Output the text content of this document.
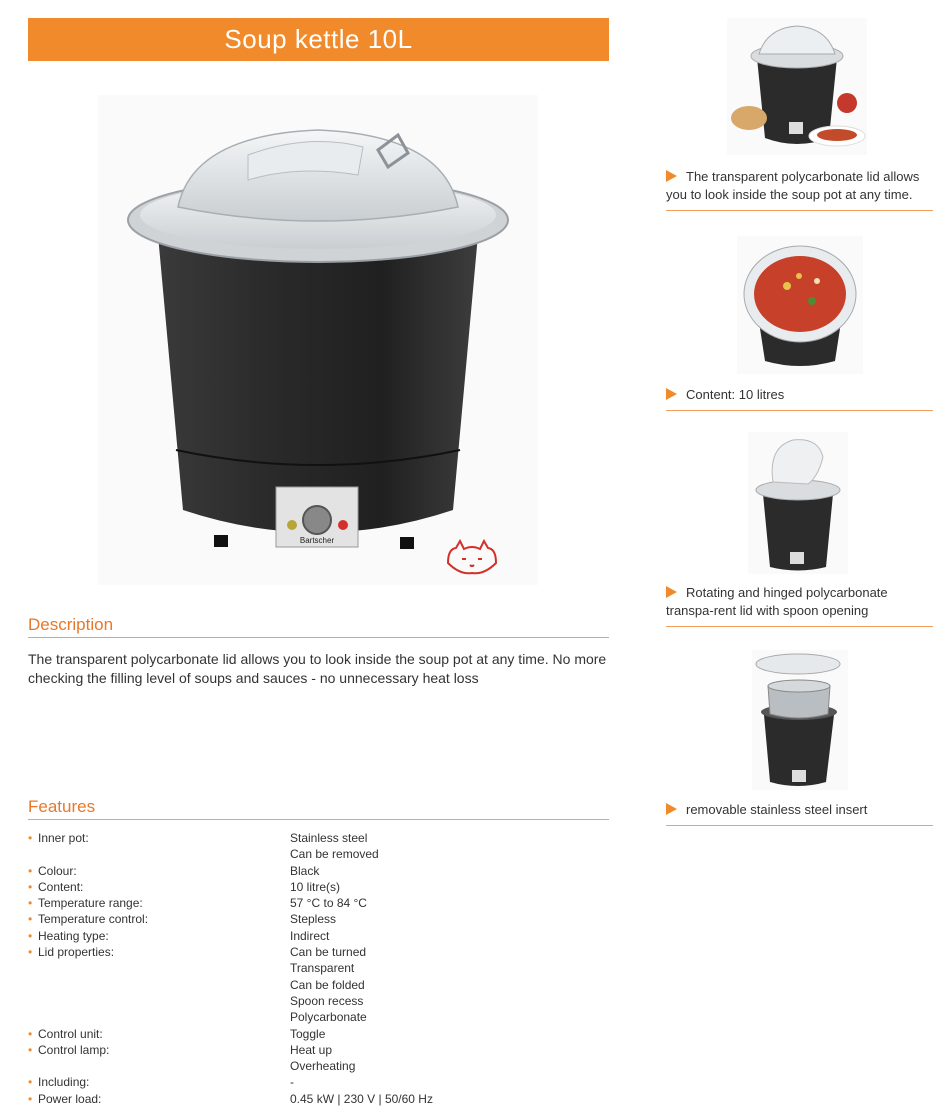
Soup kettle 10L
Bartscher
Description
The transparent polycarbonate lid allows you to look inside the soup pot at any time. No more checking the filling level of soups and sauces - no unnecessary heat loss
Features
• Inner pot:	Stainless steel
Can be removed
• Colour:	Black
• Content:	10 litre(s)
• Temperature range:	57 °C to 84 °C
• Temperature control:	Stepless
• Heating type:	Indirect
• Lid properties:	Can be turned
Transparent
Can be folded
Spoon recess
Polycarbonate
• Control unit:	Toggle
• Control lamp:	Heat up
Overheating
• Including:	-
• Power load:	0.45 kW | 230 V | 50/60 Hz
The transparent polycarbonate lid allows you to look inside the soup pot at any time.
Content: 10 litres
Rotating and hinged polycarbonate transpa-rent lid with spoon opening
removable stainless steel insert
